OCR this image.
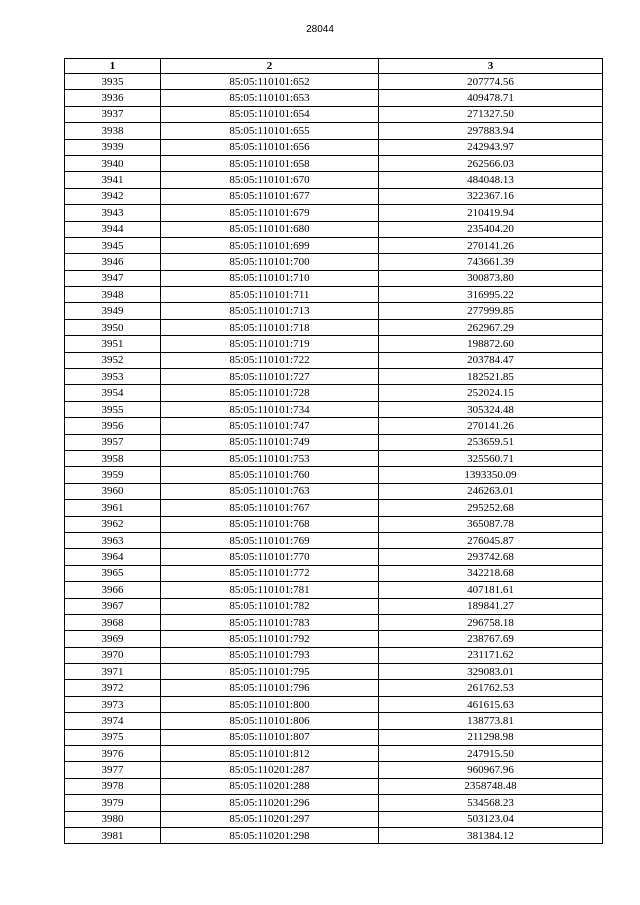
28044
1	2	3
3935	85:05:110101:652	207774.56
3936	85:05:110101:653	409478.71
3937	85:05:110101:654	271327.50
3938	85:05:110101:655	297883.94
3939	85:05:110101:656	242943.97
3940	85:05:110101:658	262566.03
3941	85:05:110101:670	484048.13
3942	85:05:110101:677	322367.16
3943	85:05:110101:679	210419.94
3944	85:05:110101:680	235404.20
3945	85:05:110101:699	270141.26
3946	85:05:110101:700	743661.39
3947	85:05:110101:710	300873.80
3948	85:05:110101:711	316995.22
3949	85:05:110101:713	277999.85
3950	85:05:110101:718	262967.29
3951	85:05:110101:719	198872.60
3952	85:05:110101:722	203784.47
3953	85:05:110101:727	182521.85
3954	85:05:110101:728	252024.15
3955	85:05:110101:734	305324.48
3956	85:05:110101:747	270141.26
3957	85:05:110101:749	253659.51
3958	85:05:110101:753	325560.71
3959	85:05:110101:760	1393350.09
3960	85:05:110101:763	246263.01
3961	85:05:110101:767	295252.68
3962	85:05:110101:768	365087.78
3963	85:05:110101:769	276045.87
3964	85:05:110101:770	293742.68
3965	85:05:110101:772	342218.68
3966	85:05:110101:781	407181.61
3967	85:05:110101:782	189841.27
3968	85:05:110101:783	296758.18
3969	85:05:110101:792	238767.69
3970	85:05:110101:793	231171.62
3971	85:05:110101:795	329083.01
3972	85:05:110101:796	261762.53
3973	85:05:110101:800	461615.63
3974	85:05:110101:806	138773.81
3975	85:05:110101:807	211298.98
3976	85:05:110101:812	247915.50
3977	85:05:110201:287	960967.96
3978	85:05:110201:288	2358748.48
3979	85:05:110201:296	534568.23
3980	85:05:110201:297	503123.04
3981	85:05:110201:298	381384.12
